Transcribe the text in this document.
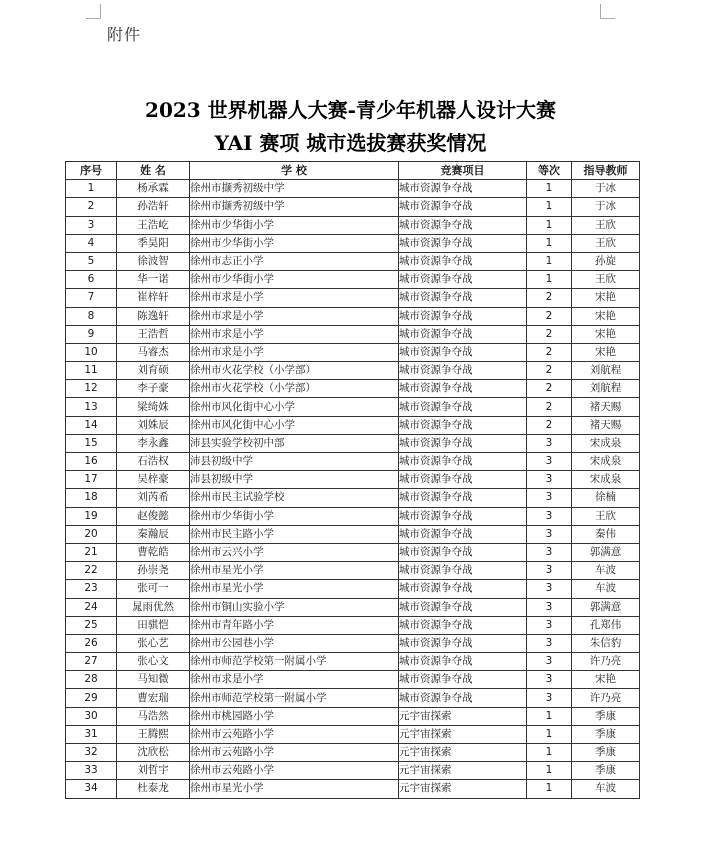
附件
2023 世界机器人大赛-青少年机器人设计大赛
YAI 赛项 城市选拔赛获奖情况
序号	姓 名	学 校	竞赛项目	等次	指导教师
1	杨承霖	徐州市撷秀初级中学	城市资源争夺战	1	于冰
2	孙浩轩	徐州市撷秀初级中学	城市资源争夺战	1	于冰
3	王浩屹	徐州市少华街小学	城市资源争夺战	1	王欣
4	季昊阳	徐州市少华街小学	城市资源争夺战	1	王欣
5	徐波智	徐州市志正小学	城市资源争夺战	1	孙旋
6	华一诺	徐州市少华街小学	城市资源争夺战	1	王欣
7	崔梓轩	徐州市求是小学	城市资源争夺战	2	宋艳
8	陈逸轩	徐州市求是小学	城市资源争夺战	2	宋艳
9	王浩哲	徐州市求是小学	城市资源争夺战	2	宋艳
10	马睿杰	徐州市求是小学	城市资源争夺战	2	宋艳
11	刘育硕	徐州市火花学校（小学部）	城市资源争夺战	2	刘航程
12	李子豪	徐州市火花学校（小学部）	城市资源争夺战	2	刘航程
13	梁绮姝	徐州市风化街中心小学	城市资源争夺战	2	褚天赐
14	刘姝辰	徐州市风化街中心小学	城市资源争夺战	2	褚天赐
15	李永鑫	沛县实验学校初中部	城市资源争夺战	3	宋成泉
16	石浩权	沛县初级中学	城市资源争夺战	3	宋成泉
17	吴梓豪	沛县初级中学	城市资源争夺战	3	宋成泉
18	刘芮希	徐州市民主试验学校	城市资源争夺战	3	徐楠
19	赵俊懿	徐州市少华街小学	城市资源争夺战	3	王欣
20	秦瀚辰	徐州市民主路小学	城市资源争夺战	3	秦伟
21	曹乾皓	徐州市云兴小学	城市资源争夺战	3	郭满意
22	孙崇尧	徐州市星光小学	城市资源争夺战	3	车波
23	张可一	徐州市星光小学	城市资源争夺战	3	车波
24	晁雨优然	徐州市铜山实验小学	城市资源争夺战	3	郭满意
25	田骐恺	徐州市青年路小学	城市资源争夺战	3	孔郑伟
26	张心艺	徐州市公园巷小学	城市资源争夺战	3	朱信豹
27	张心文	徐州市师范学校第一附属小学	城市资源争夺战	3	许乃亮
28	马知微	徐州市求是小学	城市资源争夺战	3	宋艳
29	曹宏瑞	徐州市师范学校第一附属小学	城市资源争夺战	3	许乃亮
30	马浩然	徐州市桃园路小学	元宇宙探索	1	季康
31	王腾熙	徐州市云苑路小学	元宇宙探索	1	季康
32	沈欣松	徐州市云苑路小学	元宇宙探索	1	季康
33	刘哲宇	徐州市云苑路小学	元宇宙探索	1	季康
34	杜泰龙	徐州市星光小学	元宇宙探索	1	车波
